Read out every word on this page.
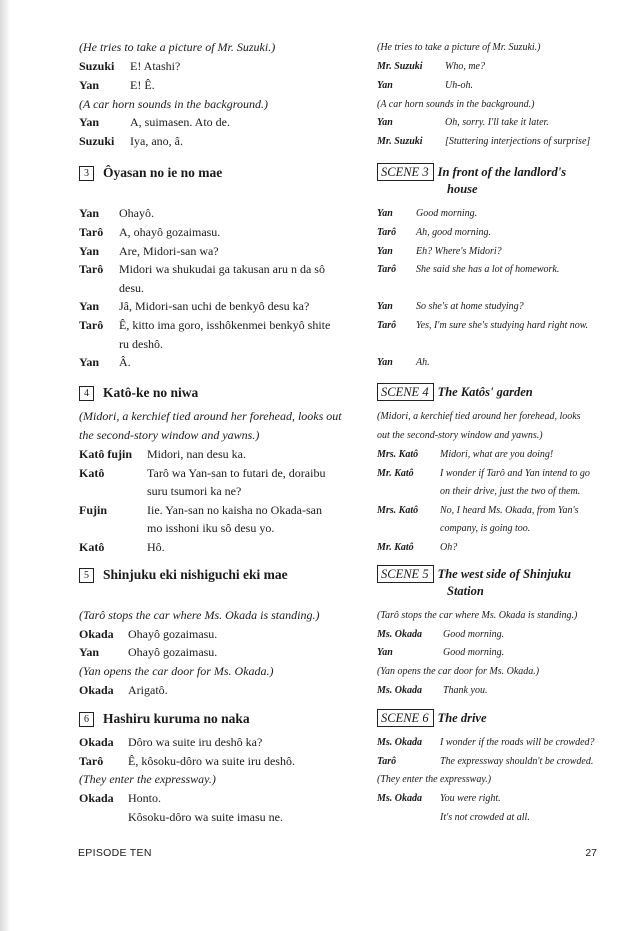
(He tries to take a picture of Mr. Suzuki.)
Suzuki E! Atashi?
Yan	E! Ê.
(A car horn sounds in the background.)
Yan	A, suimasen. Ato de.
Suzuki Iya, ano, â.
3 Ôyasan no ie no mae
Yan Ohayô.
Tarô A, ohayô gozaimasu.
Yan Are, Midori-san wa?
Tarô Midori wa shukudai ga takusan aru n da sô
desu.
Yan Jâ, Midori-san uchi de benkyô desu ka?
Tarô Ê, kitto ima goro, isshôkenmei benkyô shite
ru deshô.
Yan Â.
4 Katô-ke no niwa
(Midori, a kerchief tied around her forehead, looks out
the second-story window and yawns.)
Katô fujin Midori, nan desu ka.
Katô	Tarô wa Yan-san to futari de, doraibu
suru tsumori ka ne?
Fujin	Iie. Yan-san no kaisha no Okada-san
mo isshoni iku sô desu yo.
Katô	Hô.
5 Shinjuku eki nishiguchi eki mae
(Tarô stops the car where Ms. Okada is standing.)
Okada Ohayô gozaimasu.
Yan Ohayô gozaimasu.
(Yan opens the car door for Ms. Okada.)
Okada Arigatô.
6 Hashiru kuruma no naka
Okada Dôro wa suite iru deshô ka?
Tarô Ê, kôsoku-dôro wa suite iru deshô.
(They enter the expressway.)
Okada Honto.
Kôsoku-dôro wa suite imasu ne.
(He tries to take a picture of Mr. Suzuki.)
Mr. Suzuki Who, me?
Yan	Uh-oh.
(A car horn sounds in the background.)
Yan	Oh, sorry. I'll take it later.
Mr. Suzuki [Stuttering interjections of surprise]
SCENE 3 In front of the landlord's
house
Yan Good morning.
Tarô Ah, good morning.
Yan Eh? Where's Midori?
Tarô She said she has a lot of homework.
Yan So she's at home studying?
Tarô Yes, I'm sure she's studying hard right now.
Yan Ah.
SCENE 4 The Katôs' garden
(Midori, a kerchief tied around her forehead, looks
out the second-story window and yawns.)
Mrs. Katô Midori, what are you doing!
Mr. Katô	I wonder if Tarô and Yan intend to go
on their drive, just the two of them.
Mrs. Katô No, I heard Ms. Okada, from Yan's
company, is going too.
Mr. Katô	Oh?
SCENE 5 The west side of Shinjuku
Station
(Tarô stops the car where Ms. Okada is standing.)
Ms. Okada Good morning.
Yan	Good morning.
(Yan opens the car door for Ms. Okada.)
Ms. Okada Thank you.
SCENE 6 The drive
Ms. Okada I wonder if the roads will be crowded?
Tarô	The expressway shouldn't be crowded.
(They enter the expressway.)
Ms. Okada You were right.
It's not crowded at all.
EPISODE TEN	27
